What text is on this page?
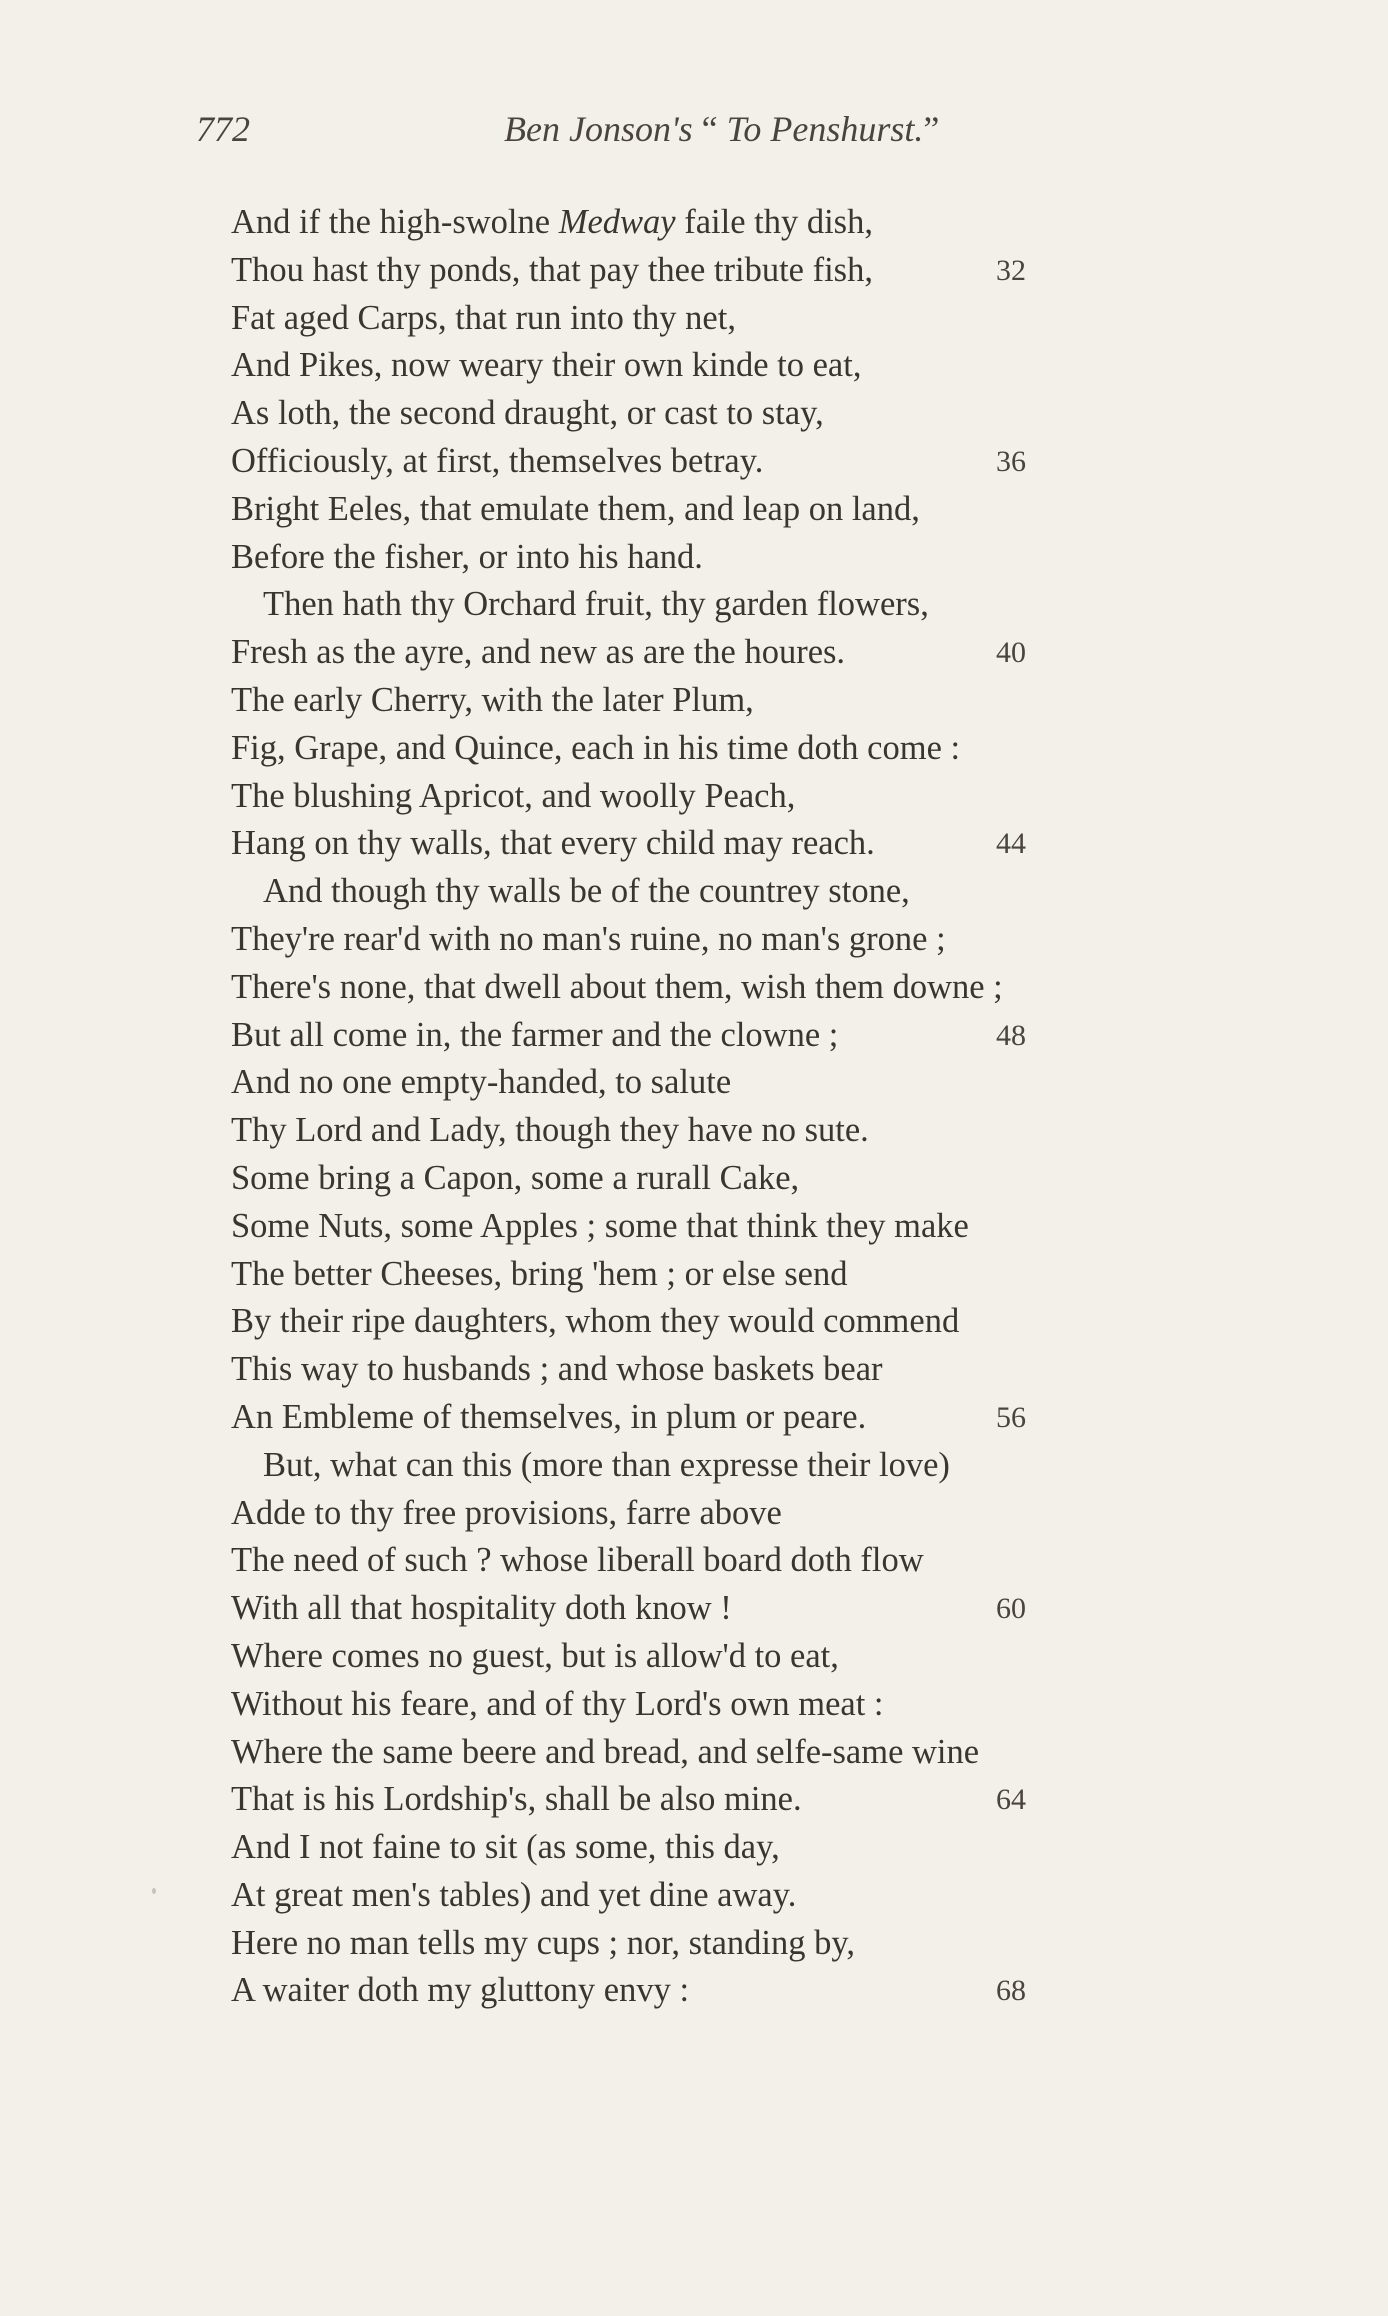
772	Ben Jonson's “ To Penshurst.”
And if the high-swolne Medway faile thy dish,
Thou hast thy ponds, that pay thee tribute fish,	32
Fat aged Carps, that run into thy net,
And Pikes, now weary their own kinde to eat,
As loth, the second draught, or cast to stay,
Officiously, at first, themselves betray.	36
Bright Eeles, that emulate them, and leap on land,
Before the fisher, or into his hand.
Then hath thy Orchard fruit, thy garden flowers,
Fresh as the ayre, and new as are the houres.	40
The early Cherry, with the later Plum,
Fig, Grape, and Quince, each in his time doth come :
The blushing Apricot, and woolly Peach,
Hang on thy walls, that every child may reach.	44
And though thy walls be of the countrey stone,
They're rear'd with no man's ruine, no man's grone ;
There's none, that dwell about them, wish them downe ;
But all come in, the farmer and the clowne ;	48
And no one empty-handed, to salute
Thy Lord and Lady, though they have no sute.
Some bring a Capon, some a rurall Cake,
Some Nuts, some Apples ; some that think they make
The better Cheeses, bring 'hem ; or else send
By their ripe daughters, whom they would commend
This way to husbands ; and whose baskets bear
An Embleme of themselves, in plum or peare.	56
But, what can this (more than expresse their love)
Adde to thy free provisions, farre above
The need of such ? whose liberall board doth flow
With all that hospitality doth know !	60
Where comes no guest, but is allow'd to eat,
Without his feare, and of thy Lord's own meat :
Where the same beere and bread, and selfe-same wine
That is his Lordship's, shall be also mine.	64
And I not faine to sit (as some, this day,
At great men's tables) and yet dine away.
Here no man tells my cups ; nor, standing by,
A waiter doth my gluttony envy :	68
